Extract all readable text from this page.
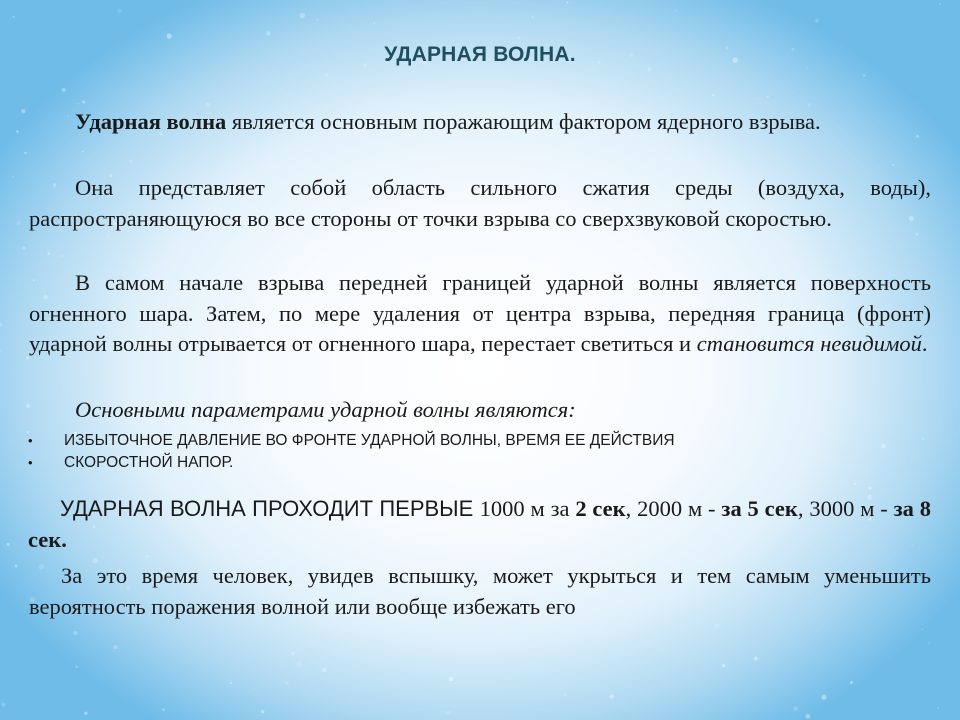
УДАРНАЯ ВОЛНА.
Ударная волна является основным поражающим фактором ядерного взрыва.
Она представляет собой область сильного сжатия среды (воздуха, воды), распространяющуюся во все стороны от точки взрыва со сверхзвуковой скоростью.
В самом начале взрыва передней границей ударной волны является поверхность огненного шара. Затем, по мере удаления от центра взрыва, передняя граница (фронт) ударной волны отрывается от огненного шара, перестает светиться и становится невидимой.
Основными параметрами ударной волны являются:
• ИЗБЫТОЧНОЕ ДАВЛЕНИЕ ВО ФРОНТЕ УДАРНОЙ ВОЛНЫ, ВРЕМЯ ЕЕ ДЕЙСТВИЯ
• СКОРОСТНОЙ НАПОР.
УДАРНАЯ ВОЛНА ПРОХОДИТ ПЕРВЫЕ 1000 м за 2 сек, 2000 м - за 5 сек, 3000 м - за 8 сек.
За это время человек, увидев вспышку, может укрыться и тем самым уменьшить вероятность поражения волной или вообще избежать его
